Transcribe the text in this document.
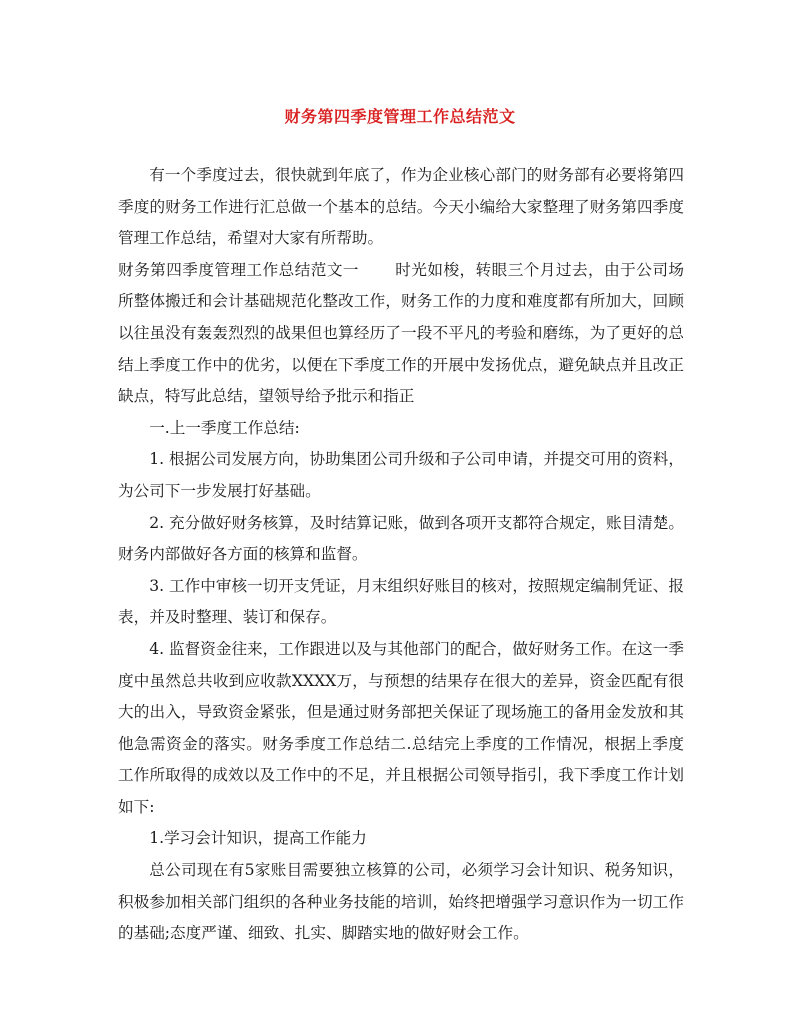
财务第四季度管理工作总结范文

有一个季度过去，很快就到年底了，作为企业核心部门的财务部有必要将第四季度的财务工作进行汇总做一个基本的总结。今天小编给大家整理了财务第四季度管理工作总结，希望对大家有所帮助。

财务第四季度管理工作总结范文一 时光如梭，转眼三个月过去，由于公司场所整体搬迁和会计基础规范化整改工作，财务工作的力度和难度都有所加大，回顾以往虽没有轰轰烈烈的战果但也算经历了一段不平凡的考验和磨练，为了更好的总结上季度工作中的优劣，以便在下季度工作的开展中发扬优点，避免缺点并且改正缺点，特写此总结，望领导给予批示和指正

一.上一季度工作总结:

1. 根据公司发展方向，协助集团公司升级和子公司申请，并提交可用的资料，为公司下一步发展打好基础。

2. 充分做好财务核算，及时结算记账，做到各项开支都符合规定，账目清楚。财务内部做好各方面的核算和监督。

3. 工作中审核一切开支凭证，月末组织好账目的核对，按照规定编制凭证、报表，并及时整理、装订和保存。

4. 监督资金往来，工作跟进以及与其他部门的配合，做好财务工作。在这一季度中虽然总共收到应收款XXXX万，与预想的结果存在很大的差异，资金匹配有很大的出入，导致资金紧张，但是通过财务部把关保证了现场施工的备用金发放和其他急需资金的落实。财务季度工作总结二.总结完上季度的工作情况，根据上季度工作所取得的成效以及工作中的不足，并且根据公司领导指引，我下季度工作计划如下:

1.学习会计知识，提高工作能力

总公司现在有5家账目需要独立核算的公司，必须学习会计知识、税务知识，积极参加相关部门组织的各种业务技能的培训，始终把增强学习意识作为一切工作的基础;态度严谨、细致、扎实、脚踏实地的做好财会工作。
